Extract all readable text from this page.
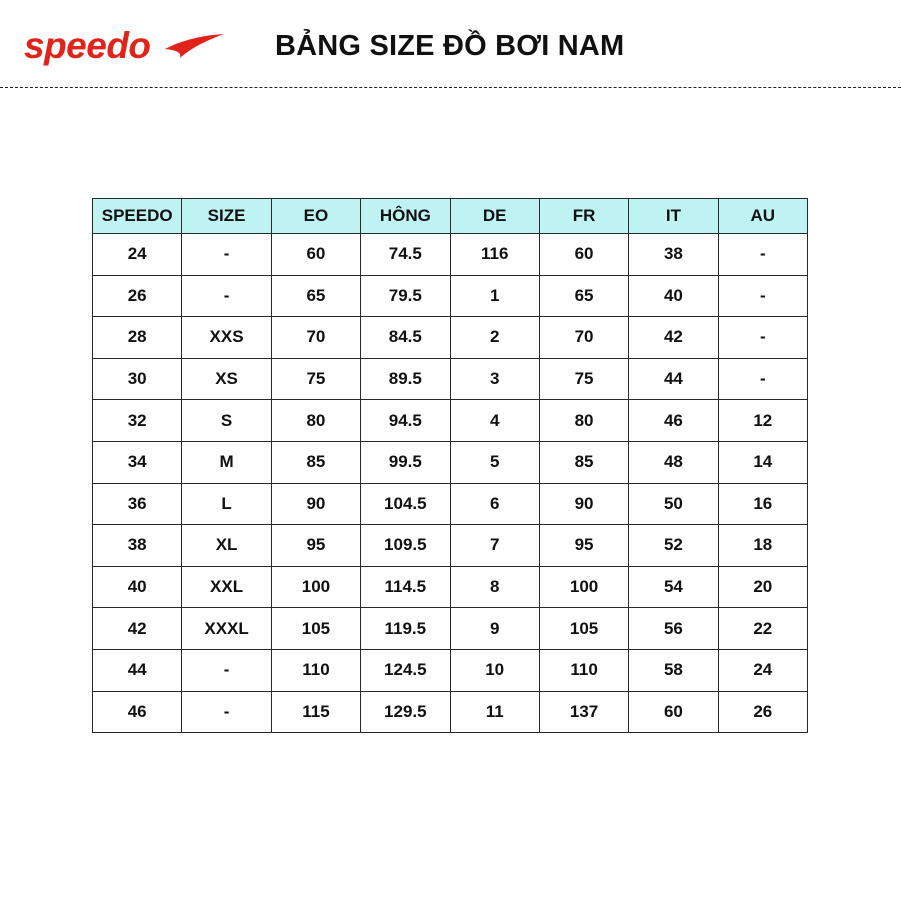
speedo	BẢNG SIZE ĐỒ BƠI NAM
SPEEDO	SIZE	EO	HÔNG	DE	FR	IT	AU
24	-	60	74.5	116	60	38	-
26	-	65	79.5	1	65	40	-
28	XXS	70	84.5	2	70	42	-
30	XS	75	89.5	3	75	44	-
32	S	80	94.5	4	80	46	12
34	M	85	99.5	5	85	48	14
36	L	90	104.5	6	90	50	16
38	XL	95	109.5	7	95	52	18
40	XXL	100	114.5	8	100	54	20
42	XXXL	105	119.5	9	105	56	22
44	-	110	124.5	10	110	58	24
46	-	115	129.5	11	137	60	26
